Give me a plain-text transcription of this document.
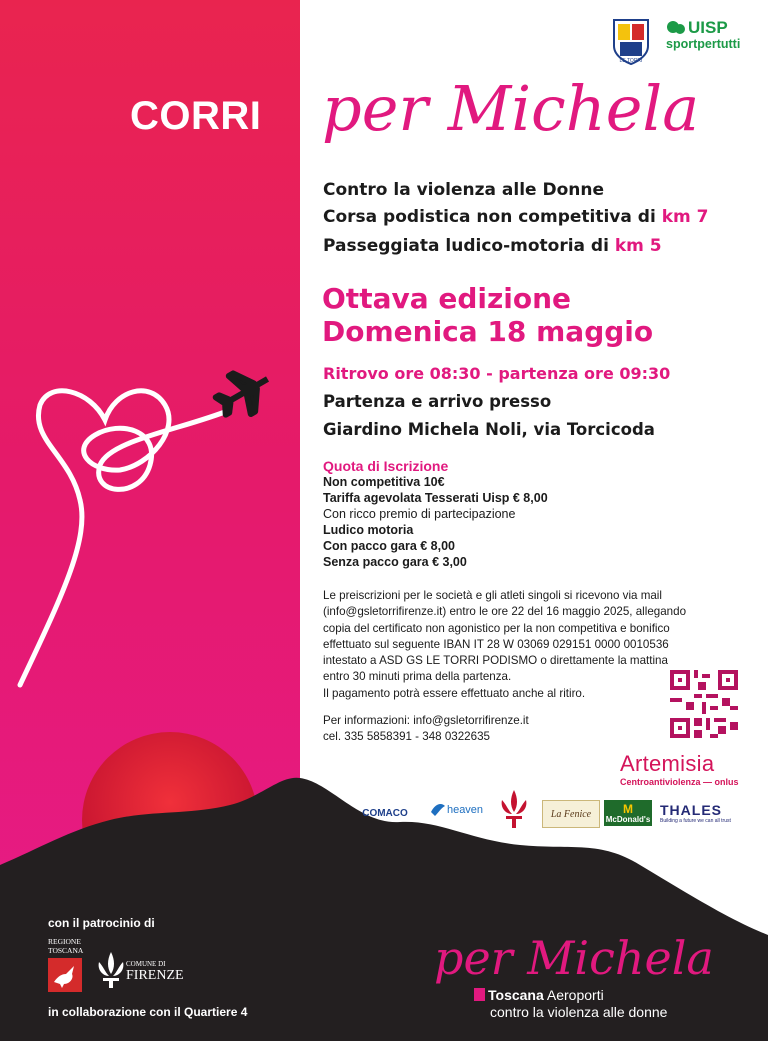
LE TORRI
UISP
sportpertutti
CORRI per Michela
Contro la violenza alle Donne
Corsa podistica non competitiva di km 7
Passeggiata ludico-motoria di km 5
Ottava edizione
Domenica 18 maggio
Ritrovo ore 08:30 - partenza ore 09:30
Partenza e arrivo presso
Giardino Michela Noli, via Torcicoda
Quota di Iscrizione
Non competitiva 10€
Tariffa agevolata Tesserati Uisp € 8,00
Con ricco premio di partecipazione
Ludico motoria
Con pacco gara € 8,00
Senza pacco gara € 3,00
Le preiscrizioni per le società e gli atleti singoli si ricevono via mail
(info@gsletorrifirenze.it) entro le ore 22 del 16 maggio 2025, allegando
copia del certificato non agonistico per la non competitiva e bonifico
effettuato sul seguente IBAN IT 28 W 03069 029151 0000 0010536
intestato a ASD GS LE TORRI PODISMO o direttamente la mattina
entro 30 minuti prima della partenza.
Il pagamento potrà essere effettuato anche al ritiro.
Per informazioni: info@gsletorrifirenze.it
cel. 335 5858391 - 348 0322635
Artemisia
Centroantiviolenza — onlus
COMACO	heaven	La Fenice	M
McDonald's
THALES
Building a future we can all trust
con il patrocinio di
REGIONE
TOSCANA
COMUNE DI
FIRENZE
in collaborazione con il Quartiere 4
per Michela
Toscana Aeroporti
contro la violenza alle donne
